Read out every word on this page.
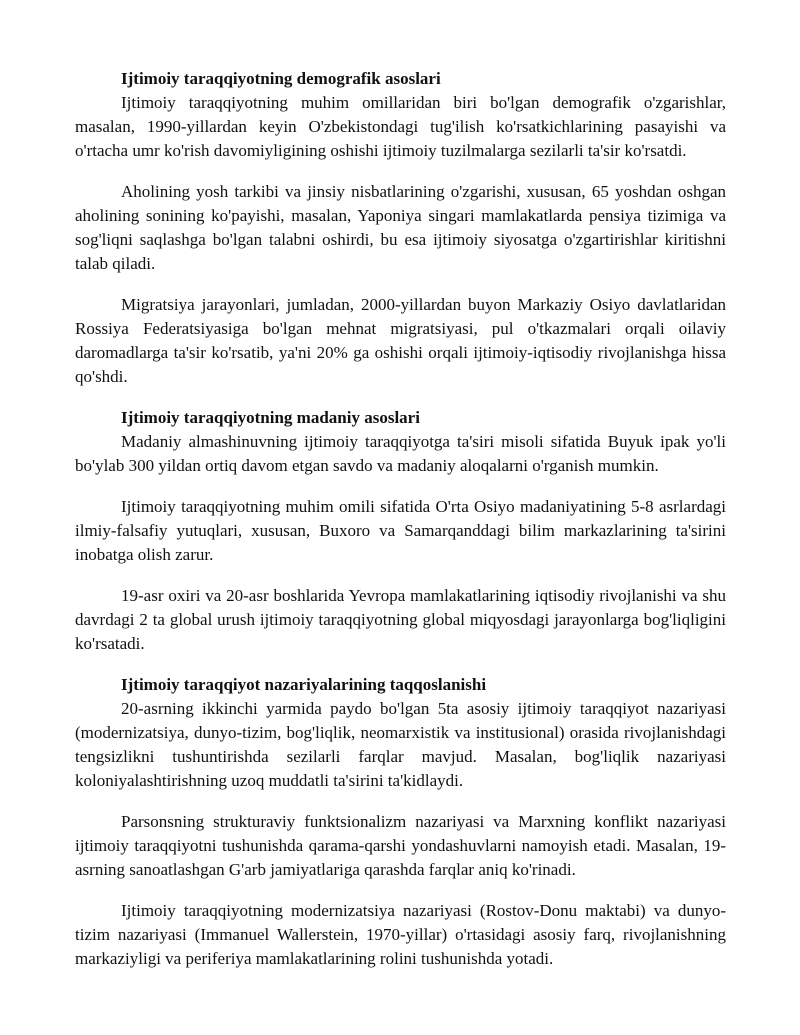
Ijtimoiy taraqqiyotning demografik asoslari

Ijtimoiy taraqqiyotning muhim omillaridan biri bo'lgan demografik o'zgarishlar, masalan, 1990-yillardan keyin O'zbekistondagi tug'ilish ko'rsatkichlarining pasayishi va o'rtacha umr ko'rish davomiyligining oshishi ijtimoiy tuzilmalarga sezilarli ta'sir ko'rsatdi.

Aholining yosh tarkibi va jinsiy nisbatlarining o'zgarishi, xususan, 65 yoshdan oshgan aholining sonining ko'payishi, masalan, Yaponiya singari mamlakatlarda pensiya tizimiga va sog'liqni saqlashga bo'lgan talabni oshirdi, bu esa ijtimoiy siyosatga o'zgartirishlar kiritishni talab qiladi.

Migratsiya jarayonlari, jumladan, 2000-yillardan buyon Markaziy Osiyo davlatlaridan Rossiya Federatsiyasiga bo'lgan mehnat migratsiyasi, pul o'tkazmalari orqali oilaviy daromadlarga ta'sir ko'rsatib, ya'ni 20% ga oshishi orqali ijtimoiy-iqtisodiy rivojlanishga hissa qo'shdi.

Ijtimoiy taraqqiyotning madaniy asoslari

Madaniy almashinuvning ijtimoiy taraqqiyotga ta'siri misoli sifatida Buyuk ipak yo'li bo'ylab 300 yildan ortiq davom etgan savdo va madaniy aloqalarni o'rganish mumkin.

Ijtimoiy taraqqiyotning muhim omili sifatida O'rta Osiyo madaniyatining 5-8 asrlardagi ilmiy-falsafiy yutuqlari, xususan, Buxoro va Samarqanddagi bilim markazlarining ta'sirini inobatga olish zarur.

19-asr oxiri va 20-asr boshlarida Yevropa mamlakatlarining iqtisodiy rivojlanishi va shu davrdagi 2 ta global urush ijtimoiy taraqqiyotning global miqyosdagi jarayonlarga bog'liqligini ko'rsatadi.

Ijtimoiy taraqqiyot nazariyalarining taqqoslanishi

20-asrning ikkinchi yarmida paydo bo'lgan 5ta asosiy ijtimoiy taraqqiyot nazariyasi (modernizatsiya, dunyo-tizim, bog'liqlik, neomarxistik va institusional) orasida rivojlanishdagi tengsizlikni tushuntirishda sezilarli farqlar mavjud. Masalan, bog'liqlik nazariyasi koloniyalashtirishning uzoq muddatli ta'sirini ta'kidlaydi.

Parsonsning strukturaviy funktsionalizm nazariyasi va Marxning konflikt nazariyasi ijtimoiy taraqqiyotni tushunishda qarama-qarshi yondashuvlarni namoyish etadi. Masalan, 19-asrning sanoatlashgan G'arb jamiyatlariga qarashda farqlar aniq ko'rinadi.

Ijtimoiy taraqqiyotning modernizatsiya nazariyasi (Rostov-Donu maktabi) va dunyo-tizim nazariyasi (Immanuel Wallerstein, 1970-yillar) o'rtasidagi asosiy farq, rivojlanishning markaziyligi va periferiya mamlakatlarining rolini tushunishda yotadi.
